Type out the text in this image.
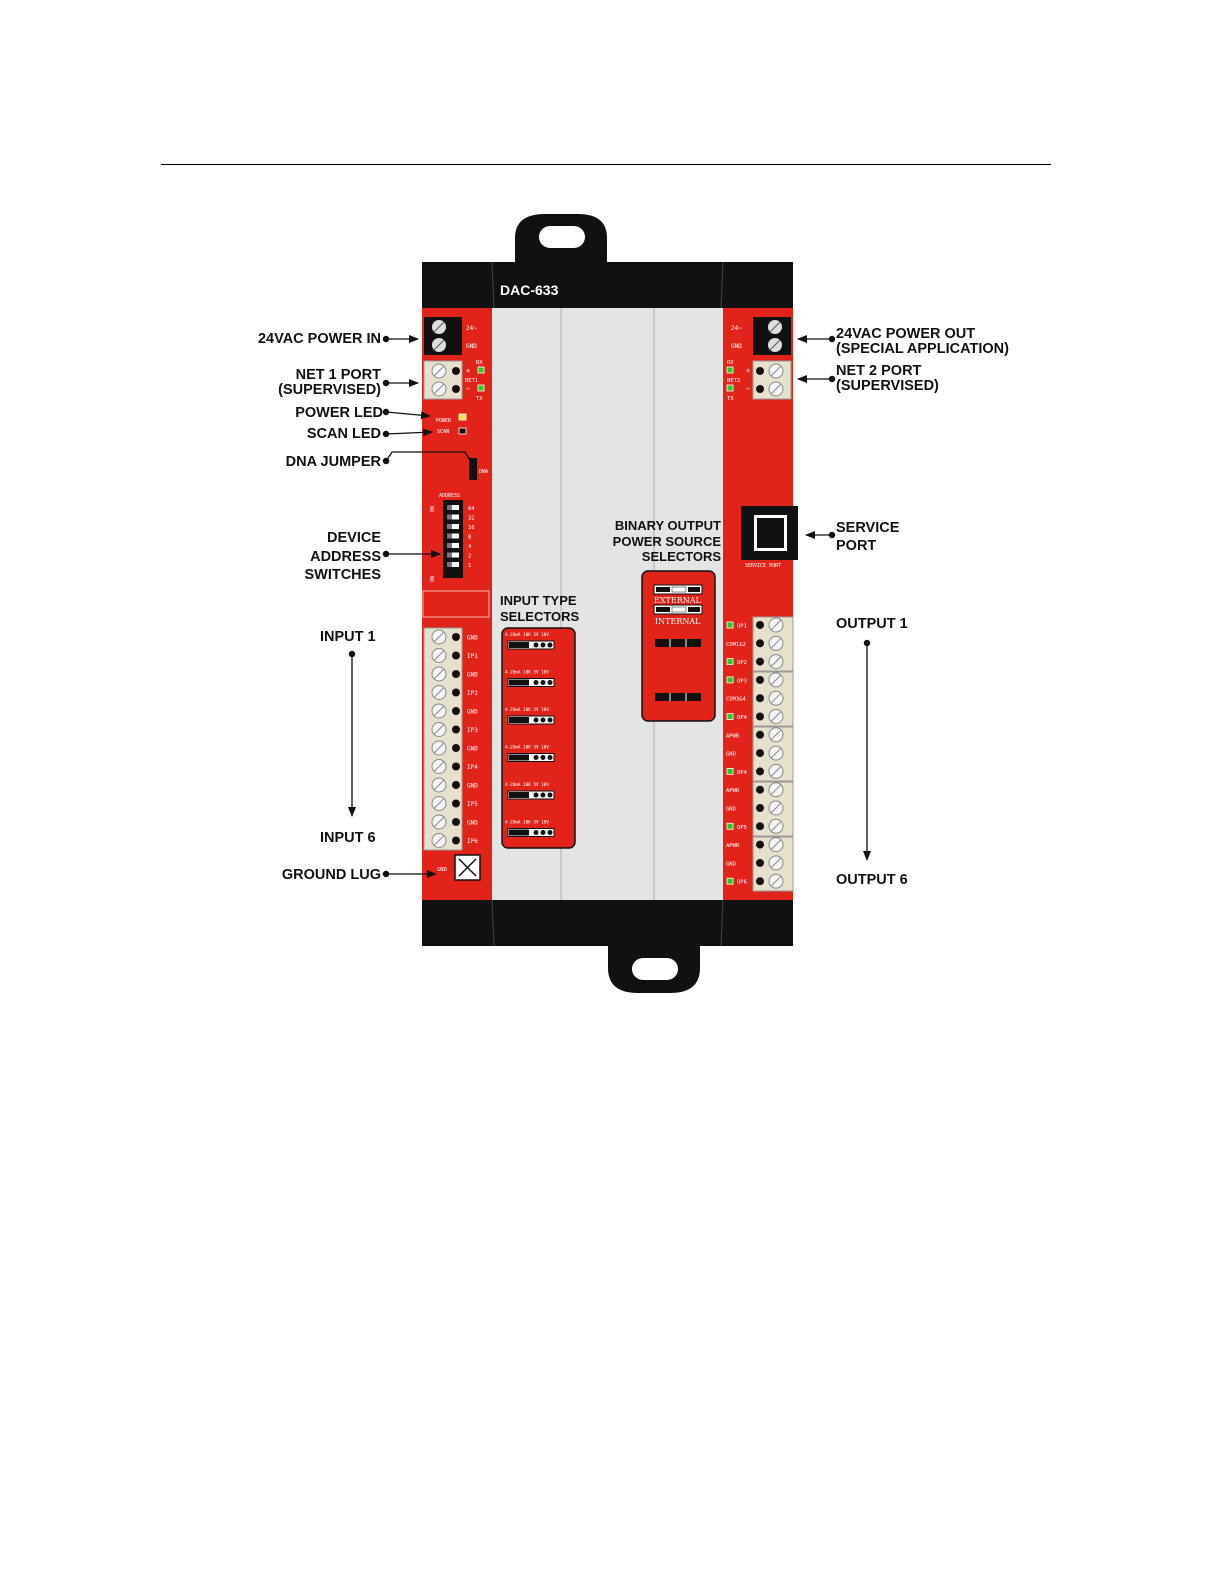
DAC-633
24~
GND
RX
+
NET1
−
TX
POWER
SCAN
DNA
ADDRESS
ON
ON
64
32
16
8
4
2
1
GND
IP1
GND
IP2
GND
IP3
GND
IP4
GND
IP5
GND
IP6
GND
4-20mA 10K 5V 10V
4-20mA 10K 5V 10V
4-20mA 10K 5V 10V
4-20mA 10K 5V 10V
4-20mA 10K 5V 10V
4-20mA 10K 5V 10V
EXTERNAL
INTERNAL
24~
GND
RX
+
NET2
−
TX
SERVICE PORT
OP1
COM1&2
OP2
OP3
COM3&4
OP4
APWR
GND
OP4
APWR
GND
OP5
APWR
GND
OP6
24VAC POWER IN
NET 1 PORT
(SUPERVISED)
POWER LED
SCAN LED
DNA JUMPER
DEVICE
ADDRESS
SWITCHES
INPUT 1
INPUT 6
GROUND LUG
24VAC POWER OUT
(SPECIAL APPLICATION)
NET 2 PORT
(SUPERVISED)
SERVICE
PORT
BINARY OUTPUT
POWER SOURCE
SELECTORS
INPUT TYPE
SELECTORS	OUTPUT 1
OUTPUT 6
